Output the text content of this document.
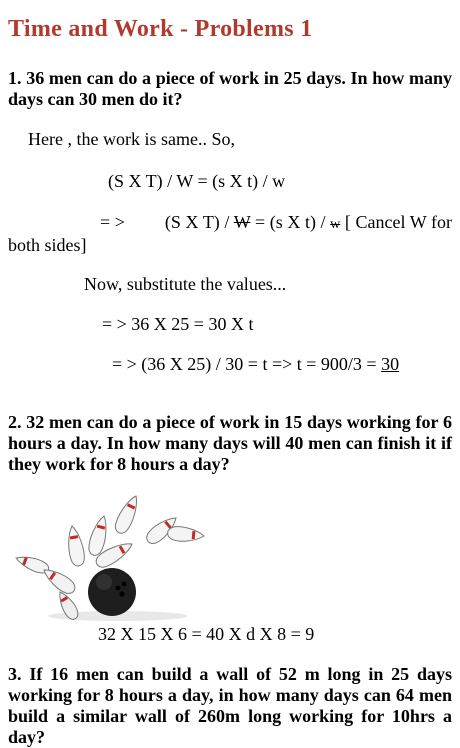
Time and Work - Problems 1

1. 36 men can do a piece of work in 25 days. In how many days can 30 men do it?

Here , the work is same.. So,

(S X T) / W = (s X t) / w

= > (S X T) / W = (s X t) / w [ Cancel W for both sides]

Now, substitute the values...

= > 36 X 25 = 30 X t

= > (36 X 25) / 30 = t => t = 900/3 = 30

2. 32 men can do a piece of work in 15 days working for 6 hours a day. In how many days will 40 men can finish it if they work for 8 hours a day?

32 X 15 X 6 = 40 X d X 8 = 9

3. If 16 men can build a wall of 52 m long in 25 days working for 8 hours a day, in how many days can 64 men build a similar wall of 260m long working for 10hrs a day?
